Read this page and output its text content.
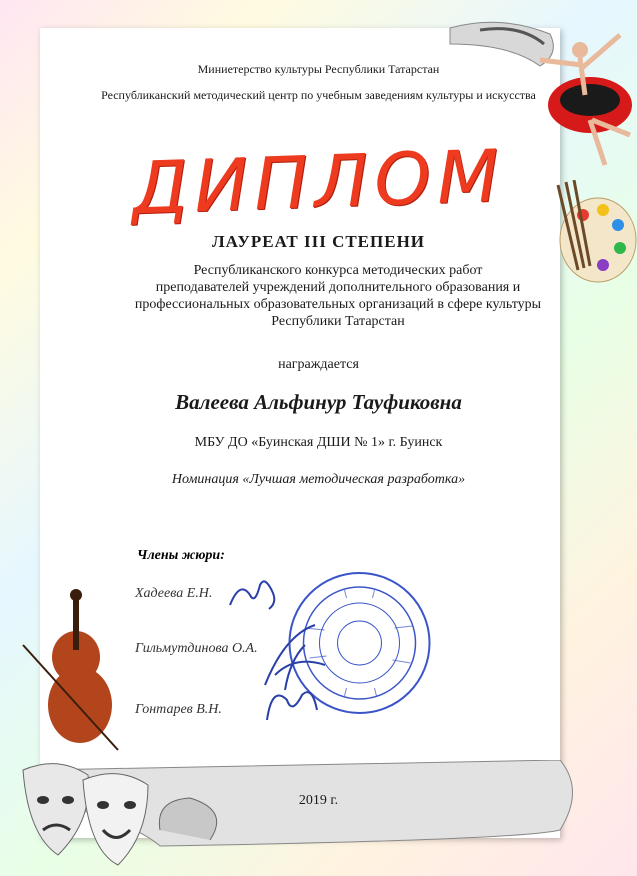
Миниетерство культуры Республики Татарстан
Республиканский методический центр по учебным заведениям культуры и искусства
ДИПЛОМ
ЛАУРЕАТ III СТЕПЕНИ
Республиканского конкурса методических работ
преподавателей учреждений дополнительного образования и
профессиональных образовательных организаций в сфере культуры
Республики Татарстан
награждается
Валеева Альфинур Тауфиковна
МБУ ДО «Буинская ДШИ № 1» г. Буинск
Номинация «Лучшая методическая разработка»
Члены жюри:
Хадеева Е.Н.
Гильмутдинова О.А.
Гонтарев В.Н.
2019 г.
